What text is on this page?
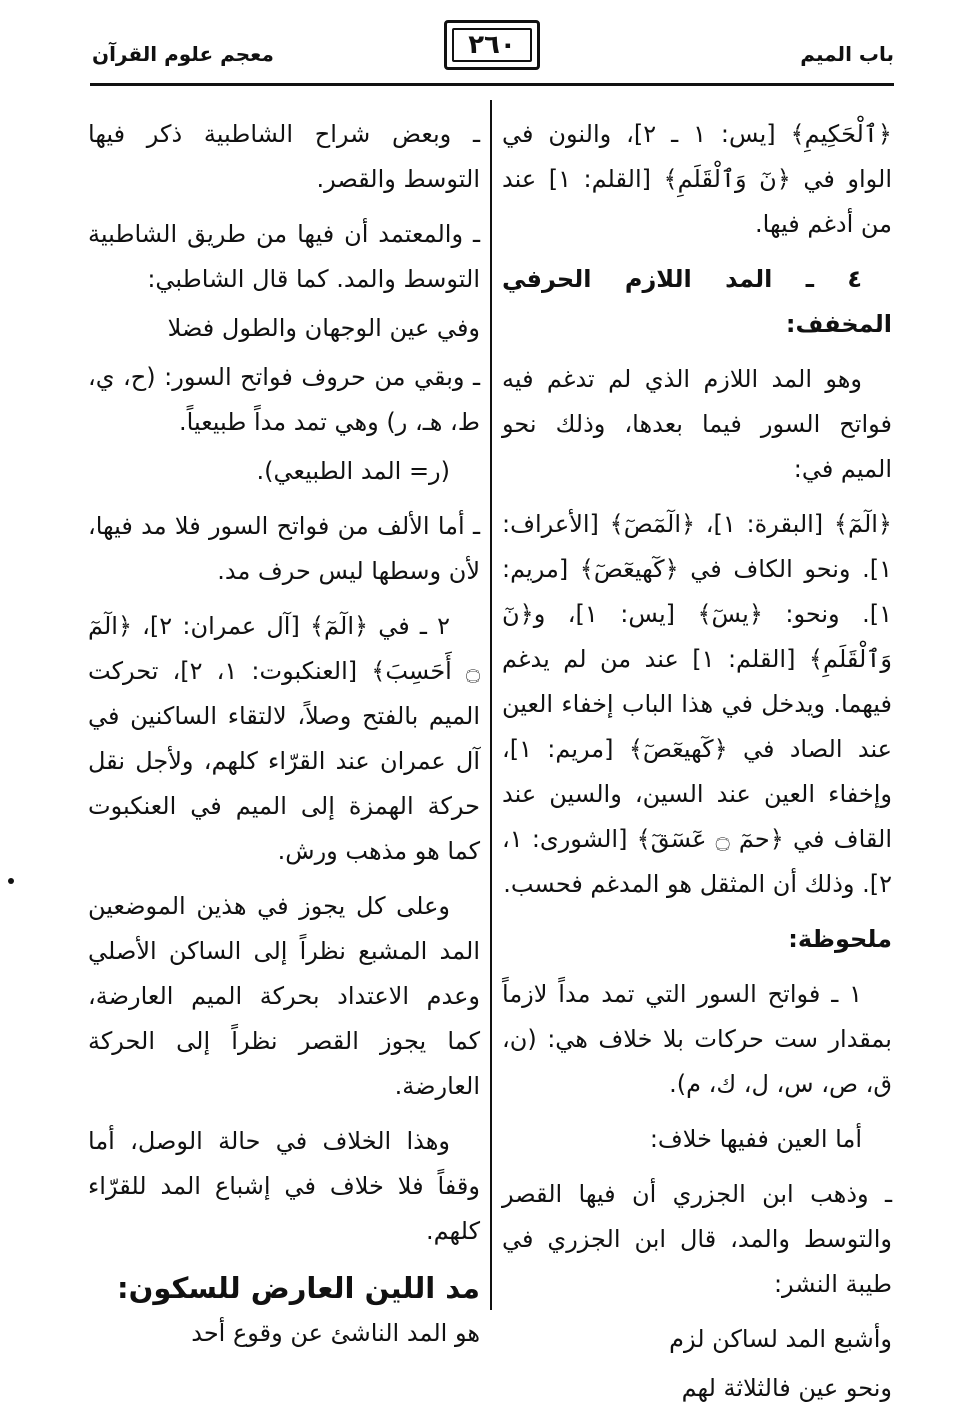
معجم علوم القرآن	٢٦٠	باب الميم

﴿ٱلْحَكِيمِ﴾ [يس: ١ ـ ٢]، والنون في الواو في ﴿نٓ وَٱلْقَلَمِ﴾ [القلم: ١] عند من أدغم فيها.

٤ ـ المد اللازم الحرفي المخفف:

وهو المد اللازم الذي لم تدغم فيه فواتح السور فيما بعدها، وذلك نحو الميم في:

﴿الٓمٓ﴾ [البقرة: ١]، ﴿الٓمٓصٓ﴾ [الأعراف: ١]. ونحو الكاف في ﴿كٓهيعٓصٓ﴾ [مريم: ١]. ونحو: ﴿يسٓ﴾ [يس: ١]، و﴿نٓ وَٱلْقَلَمِ﴾ [القلم: ١] عند من لم يدغم فيهما. ويدخل في هذا الباب إخفاء العين عند الصاد في ﴿كٓهيعٓصٓ﴾ [مريم: ١]، وإخفاء العين عند السين، والسين عند القاف في ﴿حمٓ ۝ عٓسٓقٓ﴾ [الشورى: ١، ٢]. وذلك أن المثقل هو المدغم فحسب.

ملحوظة:

١ ـ فواتح السور التي تمد مداً لازماً بمقدار ست حركات بلا خلاف هي: (ن، ق، ص، س، ل، ك، م).

أما العين ففيها خلاف:

ـ وذهب ابن الجزري أن فيها القصر والتوسط والمد، قال ابن الجزري في طيبة النشر:

وأشبع المد لساكن لزم

ونحو عين فالثلاثة لهم

ـ وبعض شراح الشاطبية ذكر فيها التوسط والقصر.

ـ والمعتمد أن فيها من طريق الشاطبية التوسط والمد. كما قال الشاطبي:

وفي عين الوجهان والطول فضلا

ـ وبقي من حروف فواتح السور: (ح، ي، ط، هـ، ر) وهي تمد مداً طبيعياً.

(ر= المد الطبيعي).

ـ أما الألف من فواتح السور فلا مد فيها، لأن وسطها ليس حرف مد.

٢ ـ في ﴿الٓمٓ﴾ [آل عمران: ٢]، ﴿الٓمٓ ۝ أَحَسِبَ﴾ [العنكبوت: ١، ٢]، تحركت الميم بالفتح وصلاً، لالتقاء الساكنين في آل عمران عند القرّاء كلهم، ولأجل نقل حركة الهمزة إلى الميم في العنكبوت كما هو مذهب ورش.

وعلى كل يجوز في هذين الموضعين المد المشبع نظراً إلى الساكن الأصلي وعدم الاعتداد بحركة الميم العارضة، كما يجوز القصر نظراً إلى الحركة العارضة.

وهذا الخلاف في حالة الوصل، أما وقفاً فلا خلاف في إشباع المد للقرّاء كلهم.

مد اللين العارض للسكون:

هو المد الناشئ عن وقوع أحد
